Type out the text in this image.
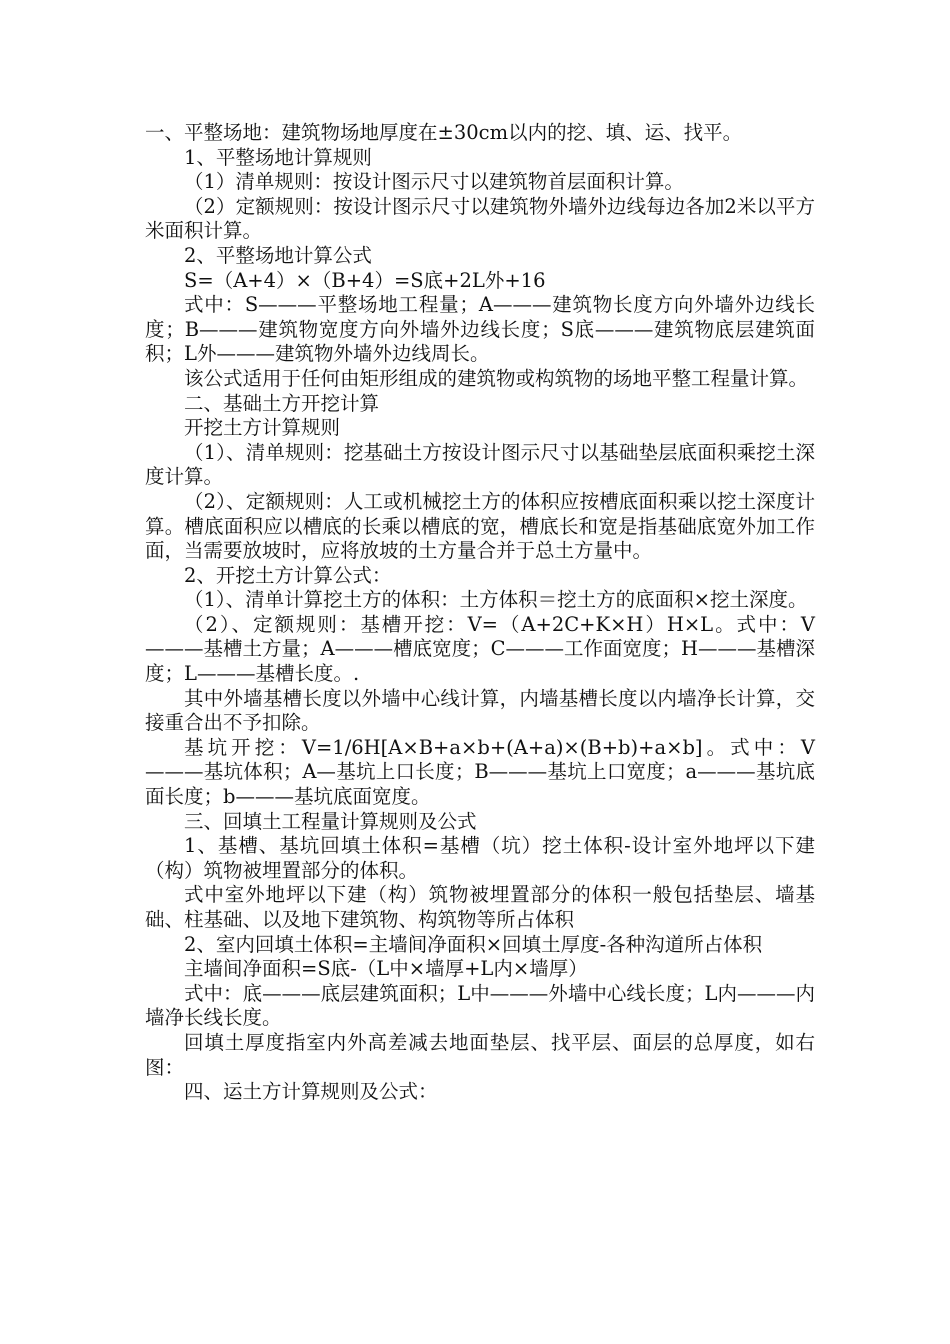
一、平整场地：建筑物场地厚度在±30cm以内的挖、填、运、找平。

1、平整场地计算规则

（1）清单规则：按设计图示尺寸以建筑物首层面积计算。

（2）定额规则：按设计图示尺寸以建筑物外墙外边线每边各加2米以平方米面积计算。

2、平整场地计算公式

S=（A+4）×（B+4）=S底+2L外+16

式中：S———平整场地工程量；A———建筑物长度方向外墙外边线长度；B———建筑物宽度方向外墙外边线长度；S底———建筑物底层建筑面积；L外———建筑物外墙外边线周长。

该公式适用于任何由矩形组成的建筑物或构筑物的场地平整工程量计算。

二、基础土方开挖计算

开挖土方计算规则

（1）、清单规则：挖基础土方按设计图示尺寸以基础垫层底面积乘挖土深度计算。

（2）、定额规则：人工或机械挖土方的体积应按槽底面积乘以挖土深度计算。槽底面积应以槽底的长乘以槽底的宽，槽底长和宽是指基础底宽外加工作面，当需要放坡时，应将放坡的土方量合并于总土方量中。

2、开挖土方计算公式：

（1）、清单计算挖土方的体积：土方体积＝挖土方的底面积×挖土深度。

（2）、定额规则：基槽开挖：V=（A+2C+K×H）H×L。式中：V———基槽土方量；A———槽底宽度；C———工作面宽度；H———基槽深度；L———基槽长度。.

其中外墙基槽长度以外墙中心线计算，内墙基槽长度以内墙净长计算，交接重合出不予扣除。

基坑开挖：V=1/6H[A×B+a×b+(A+a)×(B+b)+a×b]。式中：V———基坑体积；A—基坑上口长度；B———基坑上口宽度；a———基坑底面长度；b———基坑底面宽度。

三、回填土工程量计算规则及公式

1、基槽、基坑回填土体积=基槽（坑）挖土体积-设计室外地坪以下建（构）筑物被埋置部分的体积。

式中室外地坪以下建（构）筑物被埋置部分的体积一般包括垫层、墙基础、柱基础、以及地下建筑物、构筑物等所占体积

2、室内回填土体积=主墙间净面积×回填土厚度-各种沟道所占体积

主墙间净面积=S底-（L中×墙厚+L内×墙厚）

式中：底———底层建筑面积；L中———外墙中心线长度；L内———内墙净长线长度。

回填土厚度指室内外高差减去地面垫层、找平层、面层的总厚度，如右图：

四、运土方计算规则及公式：
